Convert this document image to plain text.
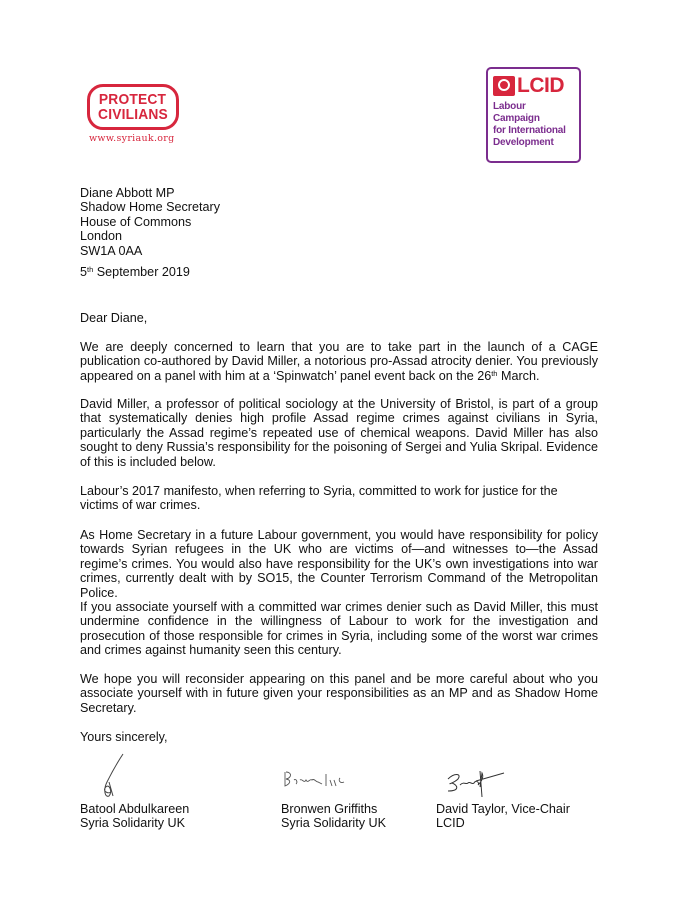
PROTECT
CIVILIANS
www.syriauk.org
LCID
Labour Campaign
for International
Development
Diane Abbott MP
Shadow Home Secretary
House of Commons
London
SW1A 0AA
5th September 2019
Dear Diane,
We are deeply concerned to learn that you are to take part in the launch of a CAGE publication co-authored by David Miller, a notorious pro-Assad atrocity denier. You previously appeared on a panel with him at a ‘Spinwatch’ panel event back on the 26th March.
David Miller, a professor of political sociology at the University of Bristol, is part of a group that systematically denies high profile Assad regime crimes against civilians in Syria, particularly the Assad regime’s repeated use of chemical weapons. David Miller has also sought to deny Russia’s responsibility for the poisoning of Sergei and Yulia Skripal. Evidence of this is included below.
Labour’s 2017 manifesto, when referring to Syria, committed to work for justice for the victims of war crimes.
As Home Secretary in a future Labour government, you would have responsibility for policy towards Syrian refugees in the UK who are victims of—and witnesses to—the Assad regime’s crimes. You would also have responsibility for the UK’s own investigations into war crimes, currently dealt with by SO15, the Counter Terrorism Command of the Metropolitan Police.
If you associate yourself with a committed war crimes denier such as David Miller, this must undermine confidence in the willingness of Labour to work for the investigation and prosecution of those responsible for crimes in Syria, including some of the worst war crimes and crimes against humanity seen this century.
We hope you will reconsider appearing on this panel and be more careful about who you associate yourself with in future given your responsibilities as an MP and as Shadow Home Secretary.
Yours sincerely,
Batool Abdulkareen
Syria Solidarity UK
Bronwen Griffiths
Syria Solidarity UK
David Taylor, Vice-Chair
LCID
